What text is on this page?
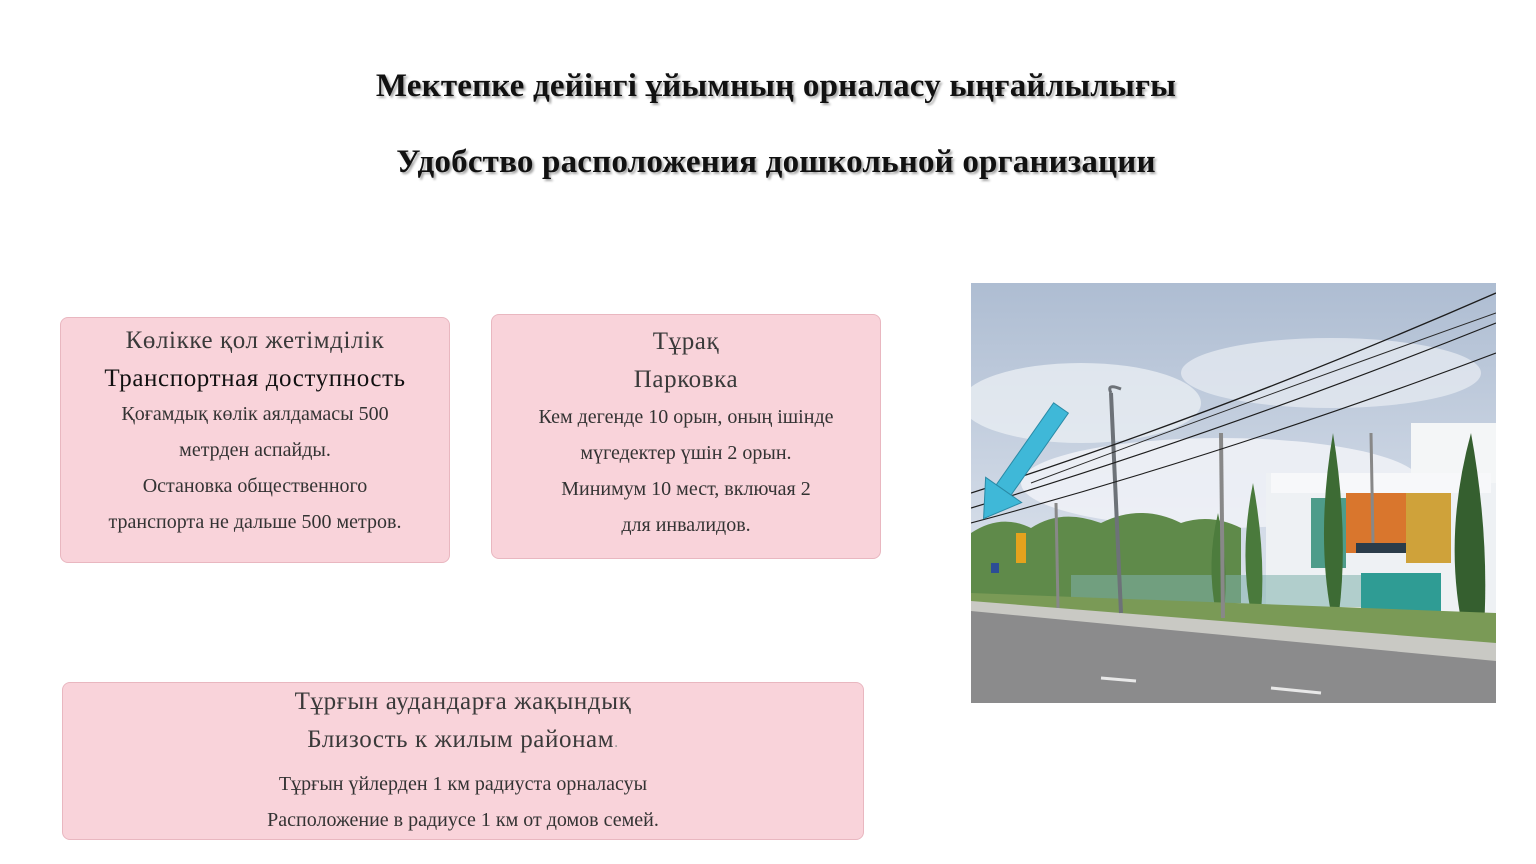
Мектепке дейінгі ұйымның орналасу ыңғайлылығы
Удобство расположения дошкольной организации
Көлікке қол жетімділік
Транспортная доступность
Қоғамдық көлік аялдамасы 500
метрден аспайды.
Остановка общественного
транспорта не дальше 500 метров.
Тұрақ
Парковка
Кем дегенде 10 орын, оның ішінде
мүгедектер үшін 2 орын.
Минимум 10 мест, включая 2
для инвалидов.
Тұрғын аудандарға жақындық
Близость к жилым районам.
Тұрғын үйлерден 1 км радиуста орналасуы
Расположение в радиусе 1 км от домов семей.
